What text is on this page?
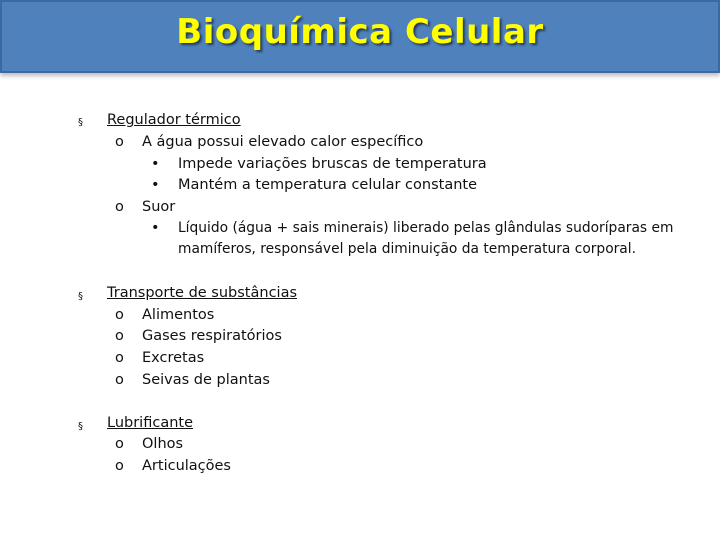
Bioquímica Celular
§ Regulador térmico
o A água possui elevado calor específico
• Impede variações bruscas de temperatura
• Mantém a temperatura celular constante
o Suor
• Líquido (água + sais minerais) liberado pelas glândulas sudoríparas em
mamíferos, responsável pela diminuição da temperatura corporal.
§ Transporte de substâncias
o Alimentos
o Gases respiratórios
o Excretas
o Seivas de plantas
§ Lubrificante
o Olhos
o Articulações
